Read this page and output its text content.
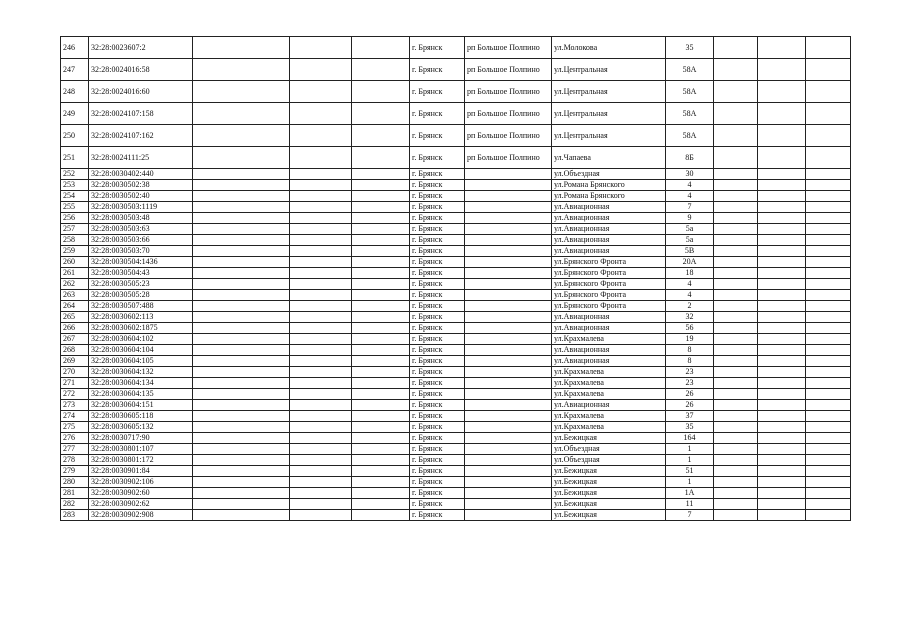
246	32:28:0023607:2				г. Брянск	рп Большое Полпино	ул.Молокова	35			
247	32:28:0024016:58				г. Брянск	рп Большое Полпино	ул.Центральная	58А			
248	32:28:0024016:60				г. Брянск	рп Большое Полпино	ул.Центральная	58А			
249	32:28:0024107:158				г. Брянск	рп Большое Полпино	ул.Центральная	58А			
250	32:28:0024107:162				г. Брянск	рп Большое Полпино	ул.Центральная	58А			
251	32:28:0024111:25				г. Брянск	рп Большое Полпино	ул.Чапаева	8Б			
252	32:28:0030402:440				г. Брянск		ул.Объездная	30			
253	32:28:0030502:38				г. Брянск		ул.Романа Брянского	4			
254	32:28:0030502:40				г. Брянск		ул.Романа Брянского	4			
255	32:28:0030503:1119				г. Брянск		ул.Авиационная	7			
256	32:28:0030503:48				г. Брянск		ул.Авиационная	9			
257	32:28:0030503:63				г. Брянск		ул.Авиационная	5а			
258	32:28:0030503:66				г. Брянск		ул.Авиационная	5а			
259	32:28:0030503:70				г. Брянск		ул.Авиационная	5В			
260	32:28:0030504:1436				г. Брянск		ул.Брянского Фронта	20А			
261	32:28:0030504:43				г. Брянск		ул.Брянского Фронта	18			
262	32:28:0030505:23				г. Брянск		ул.Брянского Фронта	4			
263	32:28:0030505:28				г. Брянск		ул.Брянского Фронта	4			
264	32:28:0030507:488				г. Брянск		ул.Брянского Фронта	2			
265	32:28:0030602:113				г. Брянск		ул.Авиационная	32			
266	32:28:0030602:1875				г. Брянск		ул.Авиационная	56			
267	32:28:0030604:102				г. Брянск		ул.Крахмалева	19			
268	32:28:0030604:104				г. Брянск		ул.Авиационная	8			
269	32:28:0030604:105				г. Брянск		ул.Авиационная	8			
270	32:28:0030604:132				г. Брянск		ул.Крахмалева	23			
271	32:28:0030604:134				г. Брянск		ул.Крахмалева	23			
272	32:28:0030604:135				г. Брянск		ул.Крахмалева	26			
273	32:28:0030604:151				г. Брянск		ул.Авиационная	26			
274	32:28:0030605:118				г. Брянск		ул.Крахмалева	37			
275	32:28:0030605:132				г. Брянск		ул.Крахмалева	35			
276	32:28:0030717:90				г. Брянск		ул.Бежицкая	164			
277	32:28:0030801:107				г. Брянск		ул.Объездная	1			
278	32:28:0030801:172				г. Брянск		ул.Объездная	1			
279	32:28:0030901:84				г. Брянск		ул.Бежицкая	51			
280	32:28:0030902:106				г. Брянск		ул.Бежицкая	1			
281	32:28:0030902:60				г. Брянск		ул.Бежицкая	1А			
282	32:28:0030902:62				г. Брянск		ул.Бежицкая	11			
283	32:28:0030902:908				г. Брянск		ул.Бежицкая	7			
